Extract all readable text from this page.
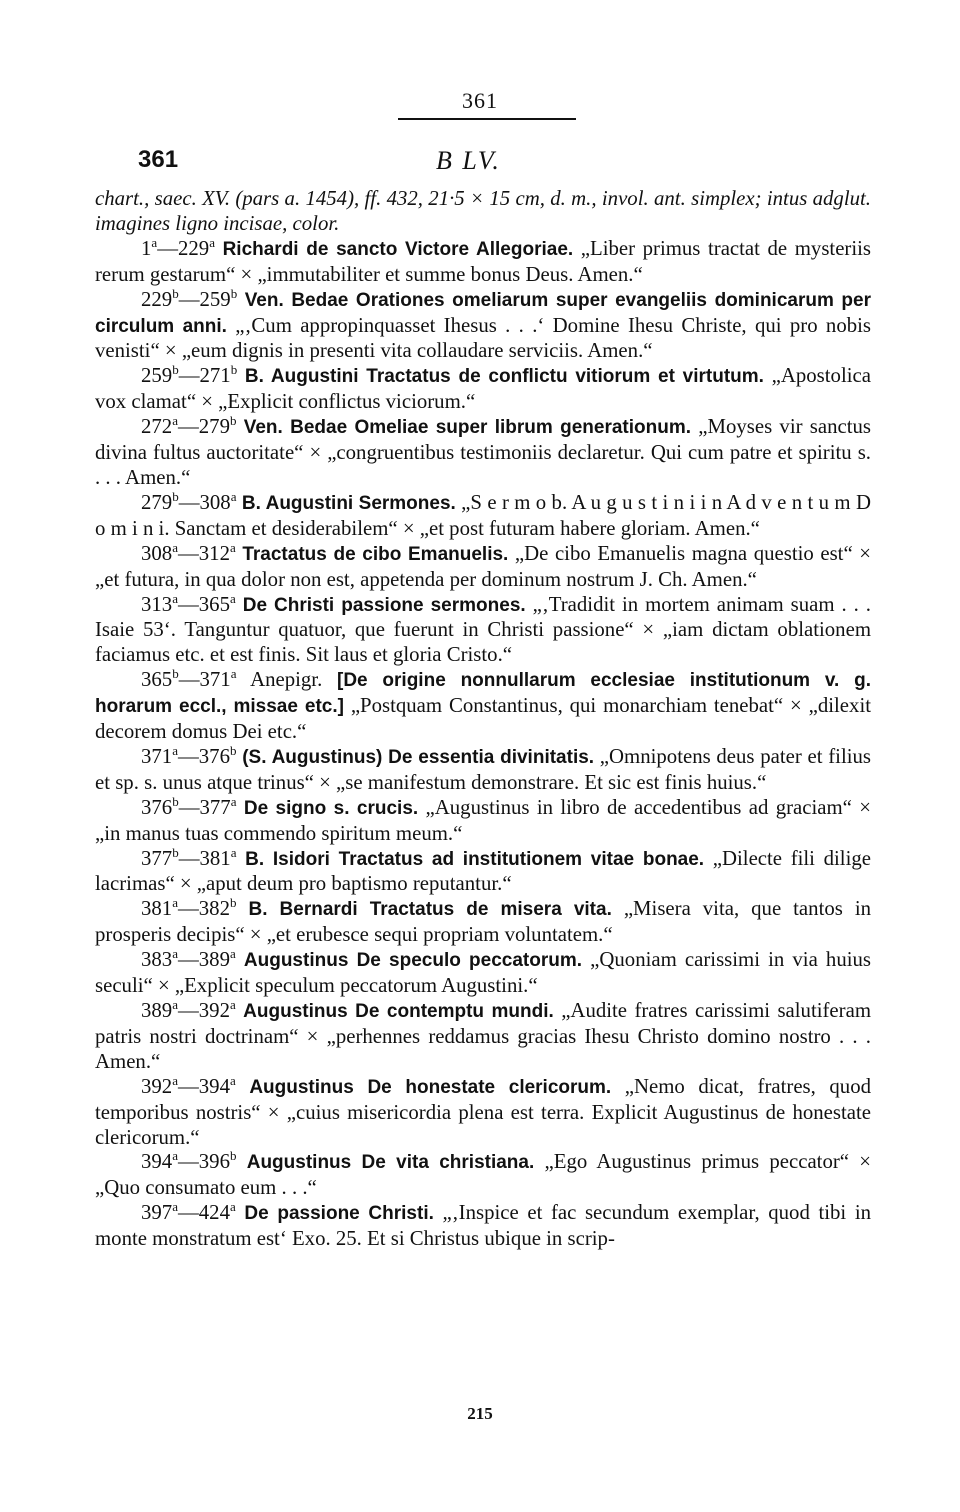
361
361	B LV.

chart., saec. XV. (pars a. 1454), ff. 432, 21·5 × 15 cm, d. m., invol. ant. simplex; intus adglut. imagines ligno incisae, color.

1$^a$—229$^a$ Richardi de sancto Victore Allegoriae. „Liber primus tractat de mysteriis rerum gestarum“ × „immutabiliter et summe bonus Deus. Amen.“

229$^b$—259$^b$ Ven. Bedae Orationes omeliarum super evangeliis dominicarum per circulum anni. „‚Cum appropinquasset Ihesus . . .‘ Domine Ihesu Christe, qui pro nobis venisti“ × „eum dignis in presenti vita collaudare serviciis. Amen.“

259$^b$—271$^b$ B. Augustini Tractatus de conflictu vitiorum et virtutum. „Apostolica vox clamat“ × „Explicit conflictus viciorum.“

272$^a$—279$^b$ Ven. Bedae Omeliae super librum generationum. „Moyses vir sanctus divina fultus auctoritate“ × „congruentibus testimoniis declaretur. Qui cum patre et spiritu s. . . . Amen.“

279$^b$—308$^a$ B. Augustini Sermones. „S e r m o b. A u g u s t i n i i n A d v e n t u m D o m i n i. Sanctam et desiderabilem“ × „et post futuram habere gloriam. Amen.“

308$^a$—312$^a$ Tractatus de cibo Emanuelis. „De cibo Emanuelis magna questio est“ × „et futura, in qua dolor non est, appetenda per dominum nostrum J. Ch. Amen.“

313$^a$—365$^a$ De Christi passione sermones. „‚Tradidit in mortem animam suam . . . Isaie 53‘. Tanguntur quatuor, que fuerunt in Christi passione“ × „iam dictam oblationem faciamus etc. et est finis. Sit laus et gloria Cristo.“

365$^b$—371$^a$ Anepigr. [De origine nonnullarum ecclesiae institutionum v. g. horarum eccl., missae etc.] „Postquam Constantinus, qui monarchiam tenebat“ × „dilexit decorem domus Dei etc.“

371$^a$—376$^b$ (S. Augustinus) De essentia divinitatis. „Omnipotens deus pater et filius et sp. s. unus atque trinus“ × „se manifestum demonstrare. Et sic est finis huius.“

376$^b$—377$^a$ De signo s. crucis. „Augustinus in libro de accedentibus ad graciam“ × „in manus tuas commendo spiritum meum.“

377$^b$—381$^a$ B. Isidori Tractatus ad institutionem vitae bonae. „Dilecte fili dilige lacrimas“ × „aput deum pro baptismo reputantur.“

381$^a$—382$^b$ B. Bernardi Tractatus de misera vita. „Misera vita, que tantos in prosperis decipis“ × „et erubesce sequi propriam voluntatem.“

383$^a$—389$^a$ Augustinus De speculo peccatorum. „Quoniam carissimi in via huius seculi“ × „Explicit speculum peccatorum Augustini.“

389$^a$—392$^a$ Augustinus De contemptu mundi. „Audite fratres carissimi salutiferam patris nostri doctrinam“ × „perhennes reddamus gracias Ihesu Christo domino nostro . . . Amen.“

392$^a$—394$^a$ Augustinus De honestate clericorum. „Nemo dicat, fratres, quod temporibus nostris“ × „cuius misericordia plena est terra. Explicit Augustinus de honestate clericorum.“

394$^a$—396$^b$ Augustinus De vita christiana. „Ego Augustinus primus peccator“ × „Quo consumato eum . . .“

397$^a$—424$^a$ De passione Christi. „‚Inspice et fac secundum exemplar, quod tibi in monte monstratum est‘ Exo. 25. Et si Christus ubique in scrip-

215
